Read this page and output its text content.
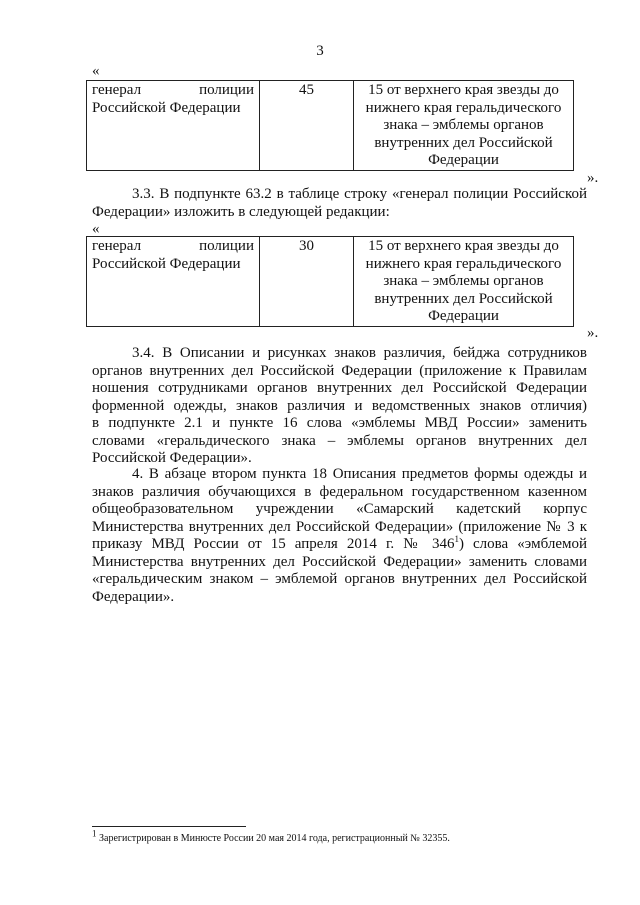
3
«
генерал	полиции
Российской Федерации
	45	15 от верхнего края звезды до
нижнего края геральдического
знака – эмблемы органов
внутренних дел Российской
Федерации
».
3.3. В подпункте 63.2 в таблице строку «генерал полиции Российской
Федерации» изложить в следующей редакции:
«
генерал	полиции
Российской Федерации
	30	15 от верхнего края звезды до
нижнего края геральдического
знака – эмблемы органов
внутренних дел Российской
Федерации
».
3.4. В Описании и рисунках знаков различия, бейджа сотрудников
органов внутренних дел Российской Федерации (приложение к Правилам
ношения сотрудниками органов внутренних дел Российской Федерации
форменной одежды, знаков различия и ведомственных знаков отличия)
в подпункте 2.1 и пункте 16 слова «эмблемы МВД России» заменить
словами «геральдического знака – эмблемы органов внутренних дел
Российской Федерации».
4. В абзаце втором пункта 18 Описания предметов формы одежды и
знаков различия обучающихся в федеральном государственном казенном
общеобразовательном учреждении «Самарский кадетский корпус
Министерства внутренних дел Российской Федерации» (приложение № 3 к
приказу МВД России от 15 апреля 2014 г. № $346^1$) слова «эмблемой
Министерства внутренних дел Российской Федерации» заменить словами
«геральдическим знаком – эмблемой органов внутренних дел Российской
Федерации».
$^1$ Зарегистрирован в Минюсте России 20 мая 2014 года, регистрационный № 32355.
